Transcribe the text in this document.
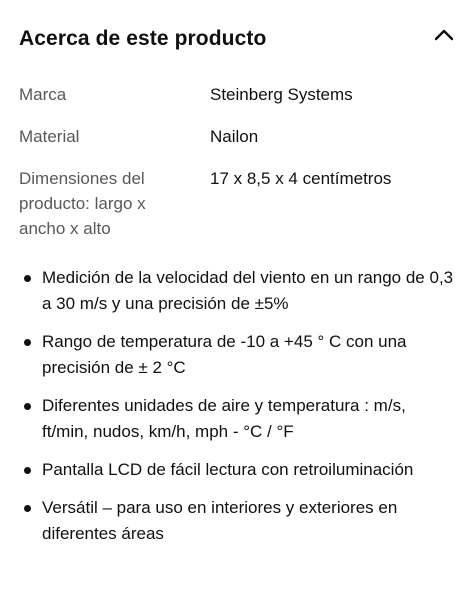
Acerca de este producto
Marca	Steinberg Systems
Material	Nailon
Dimensiones del producto: largo x ancho x alto
17 x 8,5 x 4 centímetros
Medición de la velocidad del viento en un rango de 0,3 a 30 m/s y una precisión de ±5%
Rango de temperatura de -10 a +45 ° C con una precisión de ± 2 °C
Diferentes unidades de aire y temperatura : m/s, ft/min, nudos, km/h, mph - °C / °F
Pantalla LCD de fácil lectura con retroiluminación
Versátil – para uso en interiores y exteriores en diferentes áreas
